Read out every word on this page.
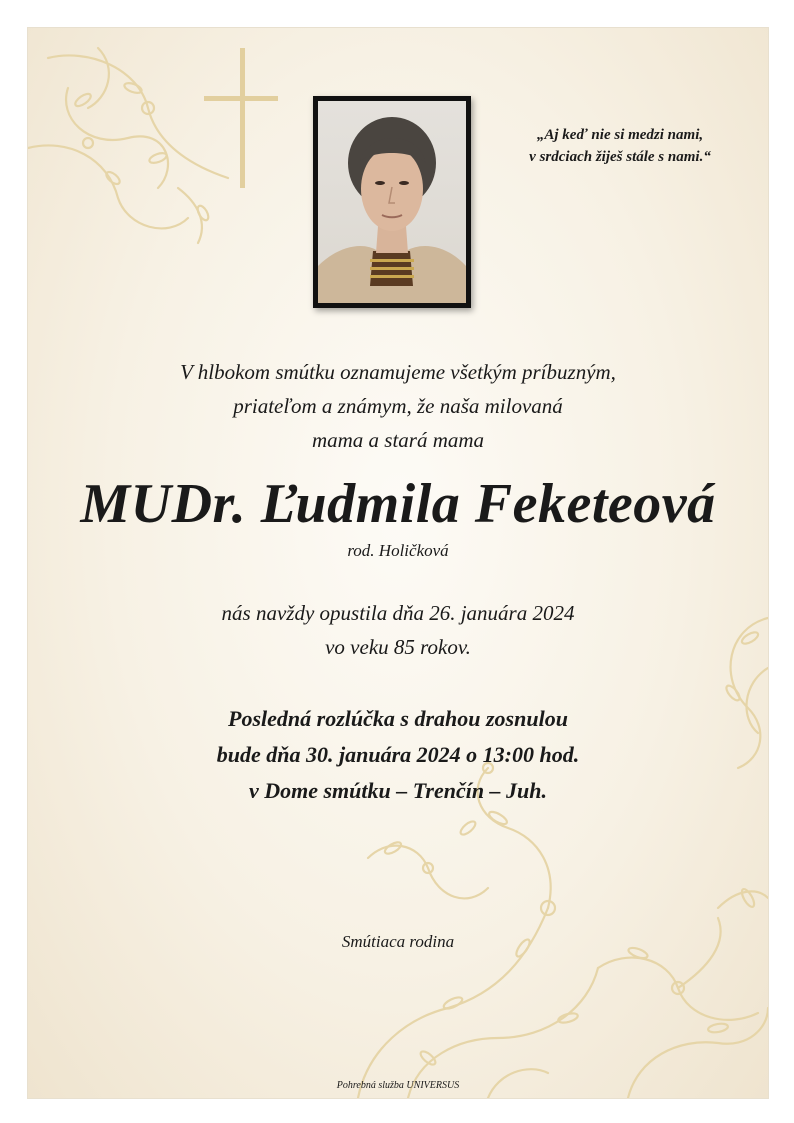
„Aj keď nie si medzi nami,
v srdciach žiješ stále s nami.“
V hlbokom smútku oznamujeme všetkým príbuzným,
priateľom a známym, že naša milovaná
mama a stará mama
MUDr. Ľudmila Feketeová
rod. Holičková
nás navždy opustila dňa 26. januára 2024
vo veku 85 rokov.
Posledná rozlúčka s drahou zosnulou
bude dňa 30. januára 2024 o 13:00 hod.
v Dome smútku – Trenčín – Juh.
Smútiaca rodina
Pohrebná služba UNIVERSUS
